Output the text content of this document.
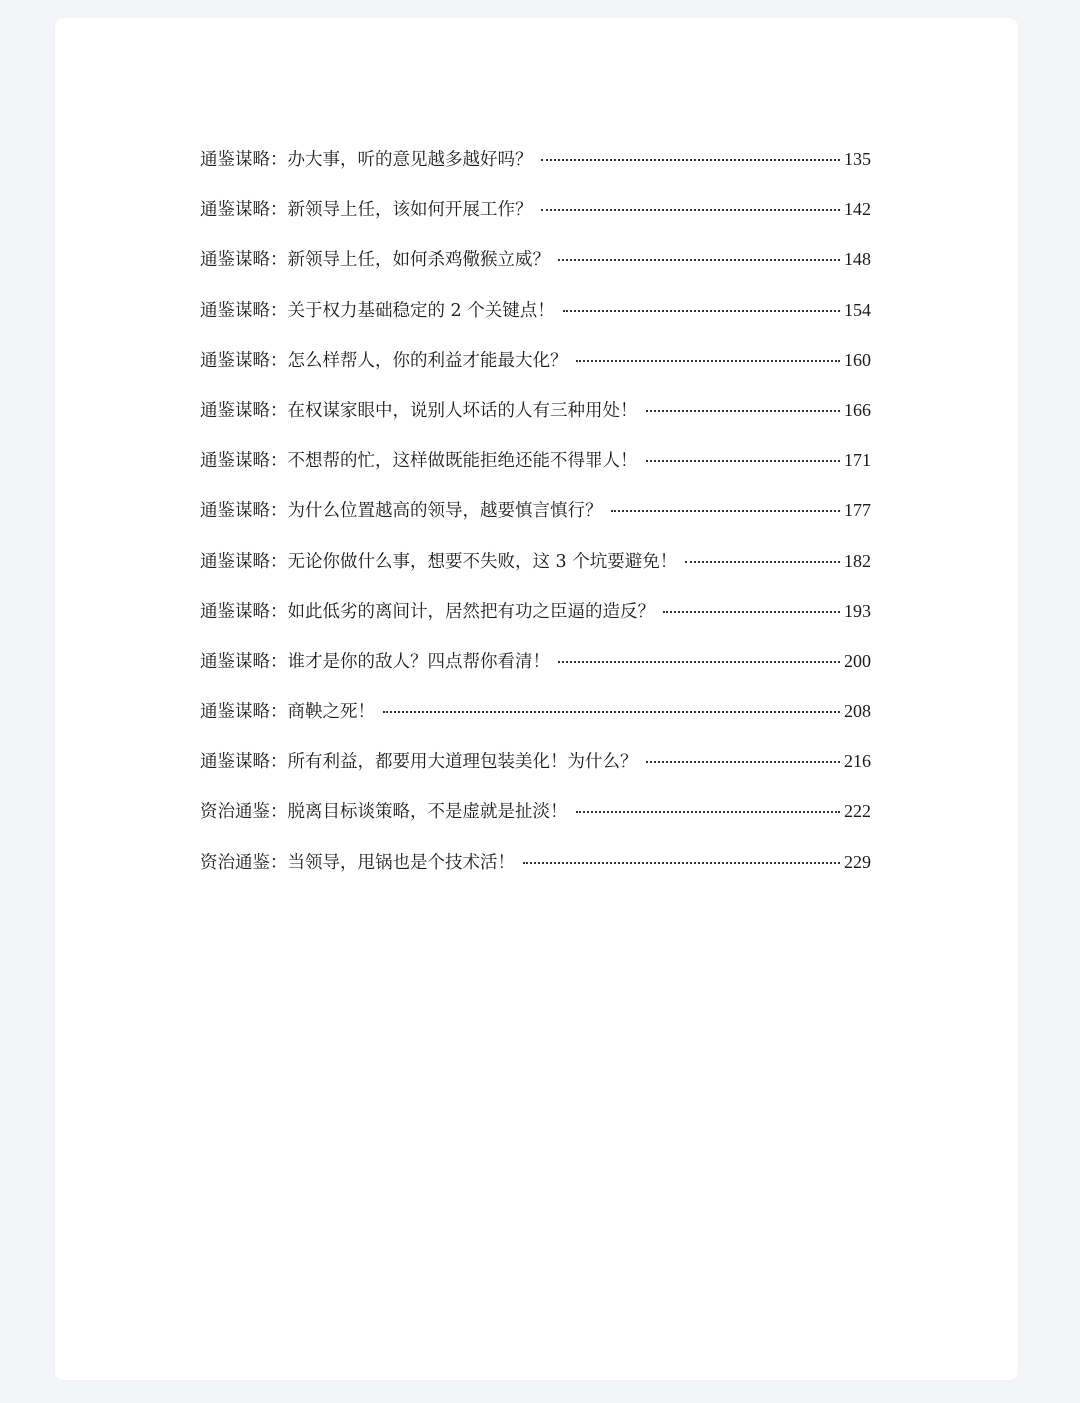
通鉴谋略：办大事，听的意见越多越好吗？	135
通鉴谋略：新领导上任，该如何开展工作？	142
通鉴谋略：新领导上任，如何杀鸡儆猴立威？	148
通鉴谋略：关于权力基础稳定的 2 个关键点！	154
通鉴谋略：怎么样帮人，你的利益才能最大化？	160
通鉴谋略：在权谋家眼中，说别人坏话的人有三种用处！	166
通鉴谋略：不想帮的忙，这样做既能拒绝还能不得罪人！	171
通鉴谋略：为什么位置越高的领导，越要慎言慎行？	177
通鉴谋略：无论你做什么事，想要不失败，这 3 个坑要避免！	182
通鉴谋略：如此低劣的离间计，居然把有功之臣逼的造反？	193
通鉴谋略：谁才是你的敌人？四点帮你看清！	200
通鉴谋略：商鞅之死！	208
通鉴谋略：所有利益，都要用大道理包装美化！为什么？	216
资治通鉴：脱离目标谈策略，不是虚就是扯淡！	222
资治通鉴：当领导，甩锅也是个技术活！	229
